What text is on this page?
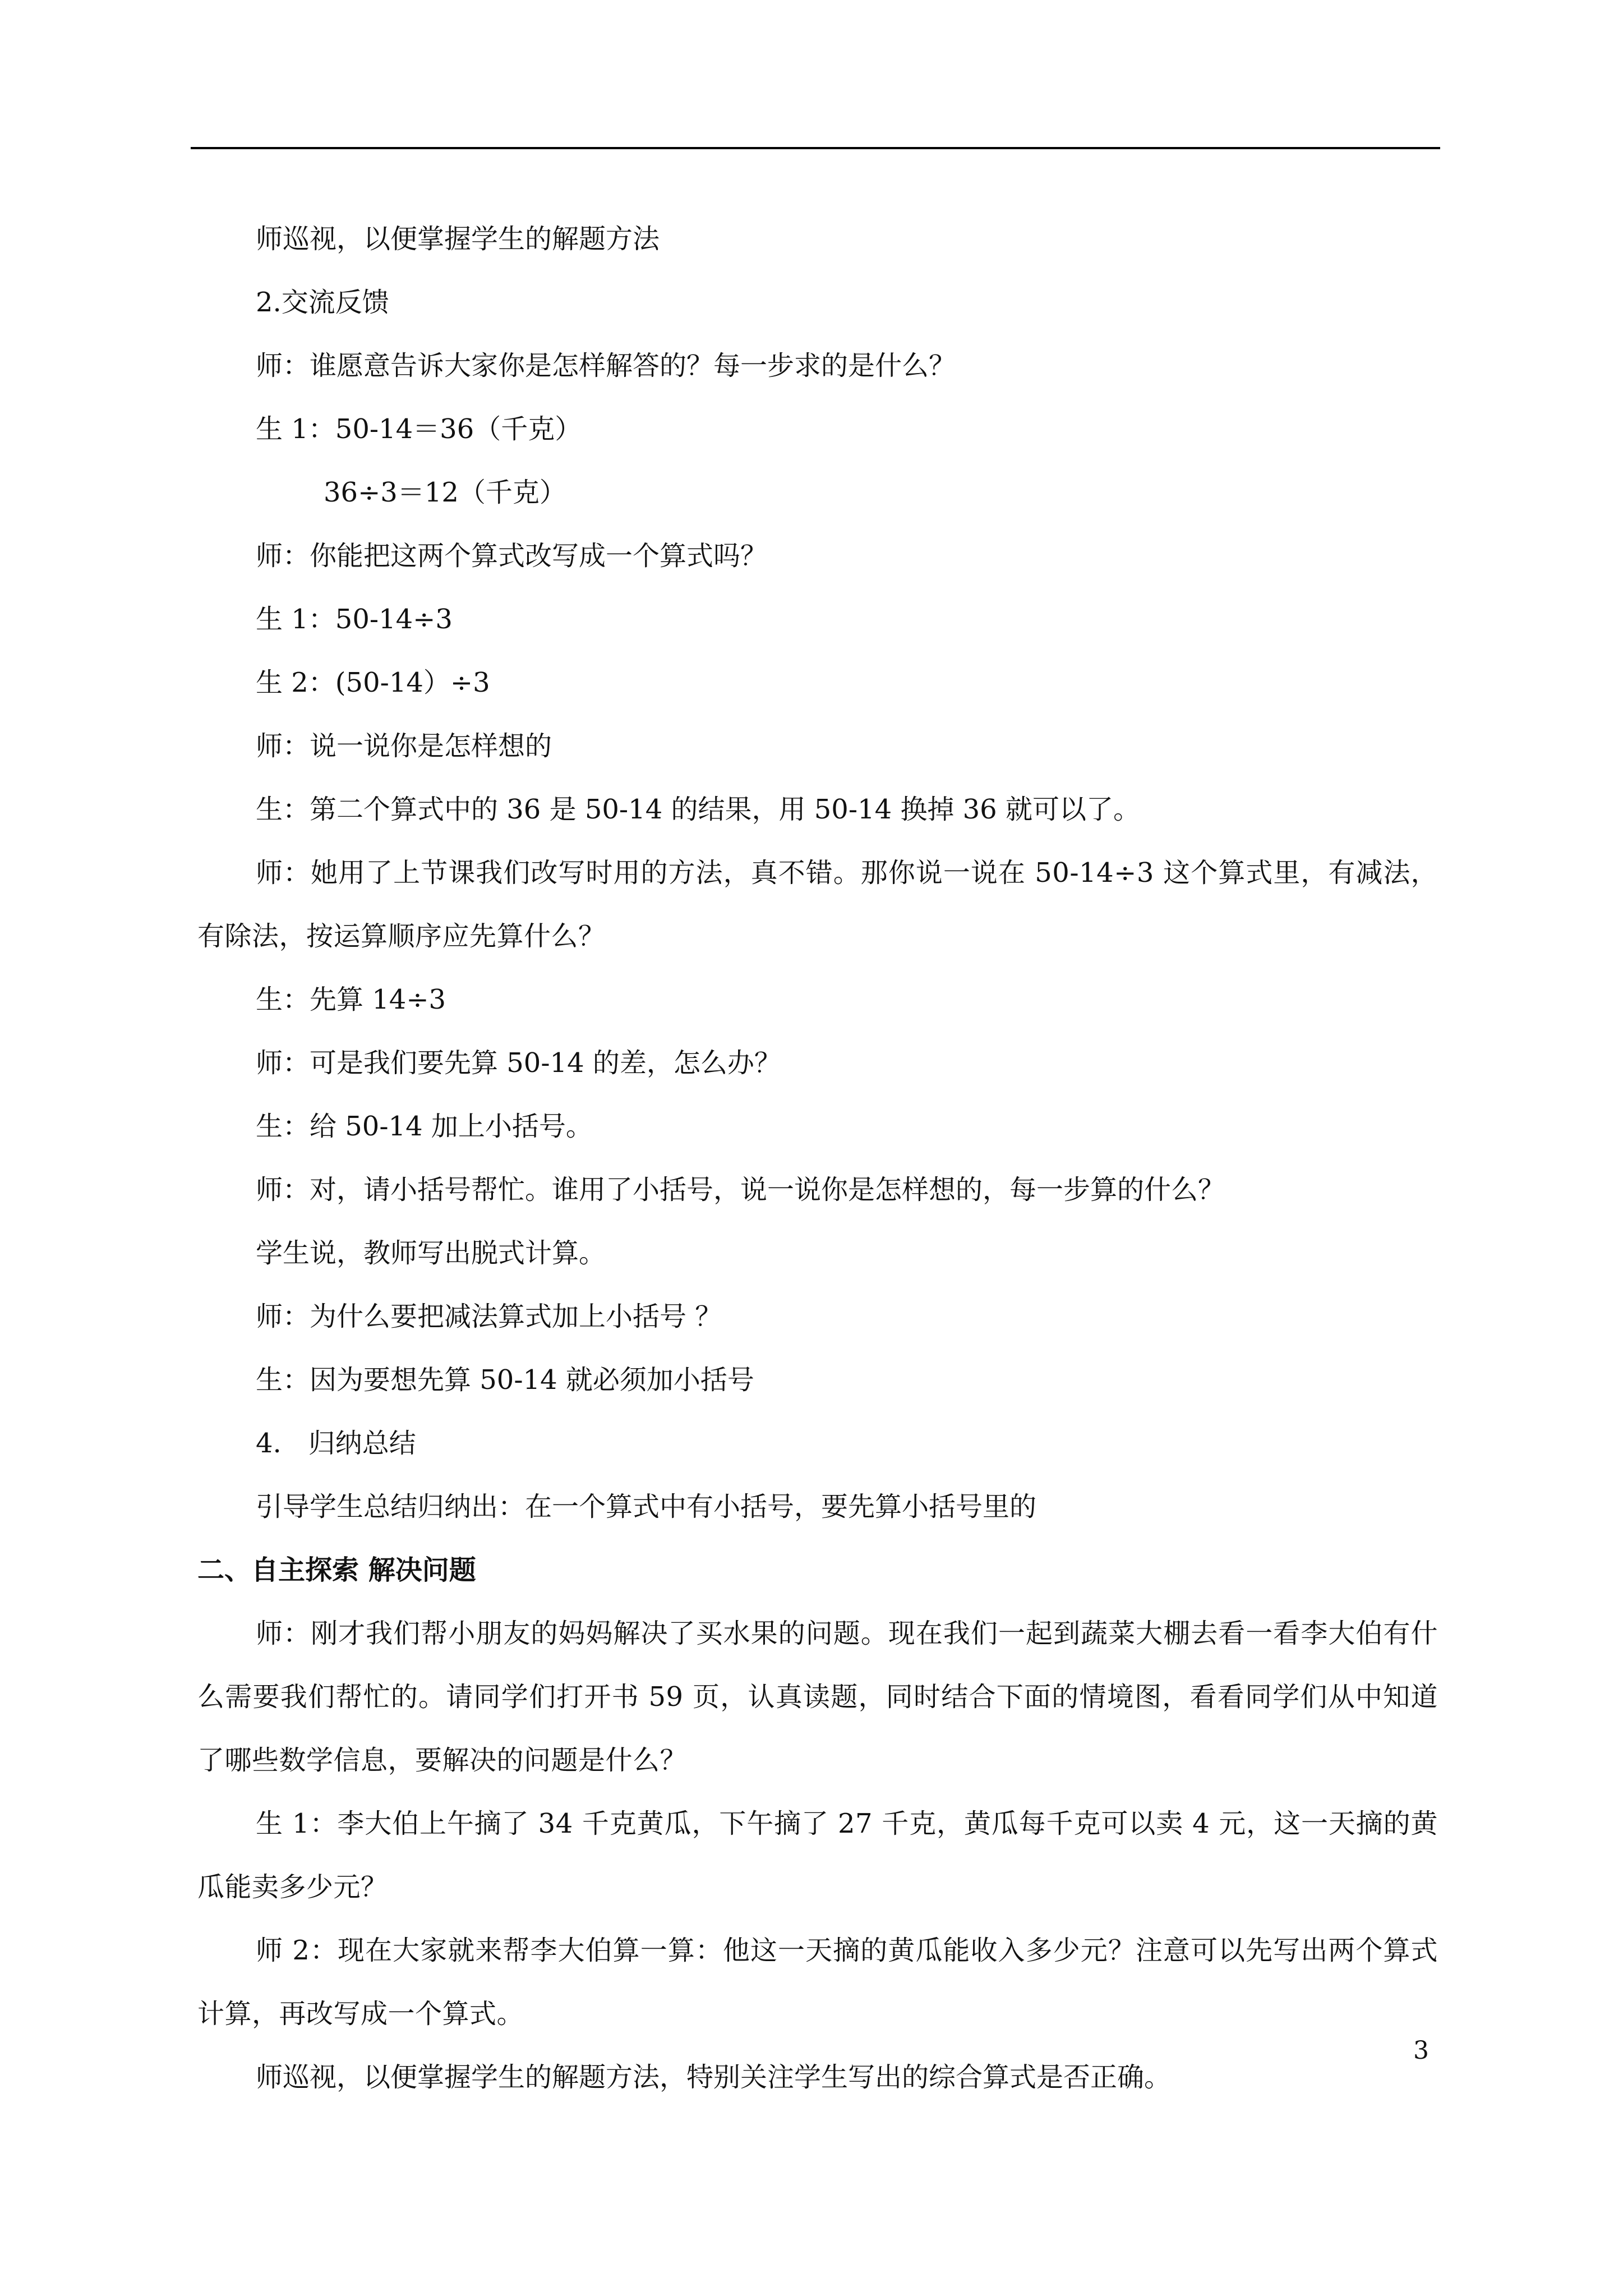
师巡视，以便掌握学生的解题方法

2.交流反馈

师：谁愿意告诉大家你是怎样解答的？每一步求的是什么？

生 1：50-14＝36（千克）

36÷3＝12（千克）

师：你能把这两个算式改写成一个算式吗？

生 1：50-14÷3

生 2：(50-14）÷3

师：说一说你是怎样想的

生：第二个算式中的 36 是 50-14 的结果，用 50-14 换掉 36 就可以了。

师：她用了上节课我们改写时用的方法，真不错。那你说一说在 50-14÷3 这个算式里，有减法，有除法，按运算顺序应先算什么？

生：先算 14÷3

师：可是我们要先算 50-14 的差，怎么办？

生：给 50-14 加上小括号。

师：对，请小括号帮忙。谁用了小括号，说一说你是怎样想的，每一步算的什么？

学生说，教师写出脱式计算。

师：为什么要把减法算式加上小括号 ？

生：因为要想先算 50-14 就必须加小括号

4.　归纳总结

引导学生总结归纳出：在一个算式中有小括号，要先算小括号里的

二、自主探索 解决问题

师：刚才我们帮小朋友的妈妈解决了买水果的问题。现在我们一起到蔬菜大棚去看一看李大伯有什么需要我们帮忙的。请同学们打开书 59 页，认真读题，同时结合下面的情境图，看看同学们从中知道了哪些数学信息，要解决的问题是什么？

生 1：李大伯上午摘了 34 千克黄瓜，下午摘了 27 千克，黄瓜每千克可以卖 4 元，这一天摘的黄瓜能卖多少元？

师 2：现在大家就来帮李大伯算一算：他这一天摘的黄瓜能收入多少元？注意可以先写出两个算式计算，再改写成一个算式。

师巡视，以便掌握学生的解题方法，特别关注学生写出的综合算式是否正确。

3
